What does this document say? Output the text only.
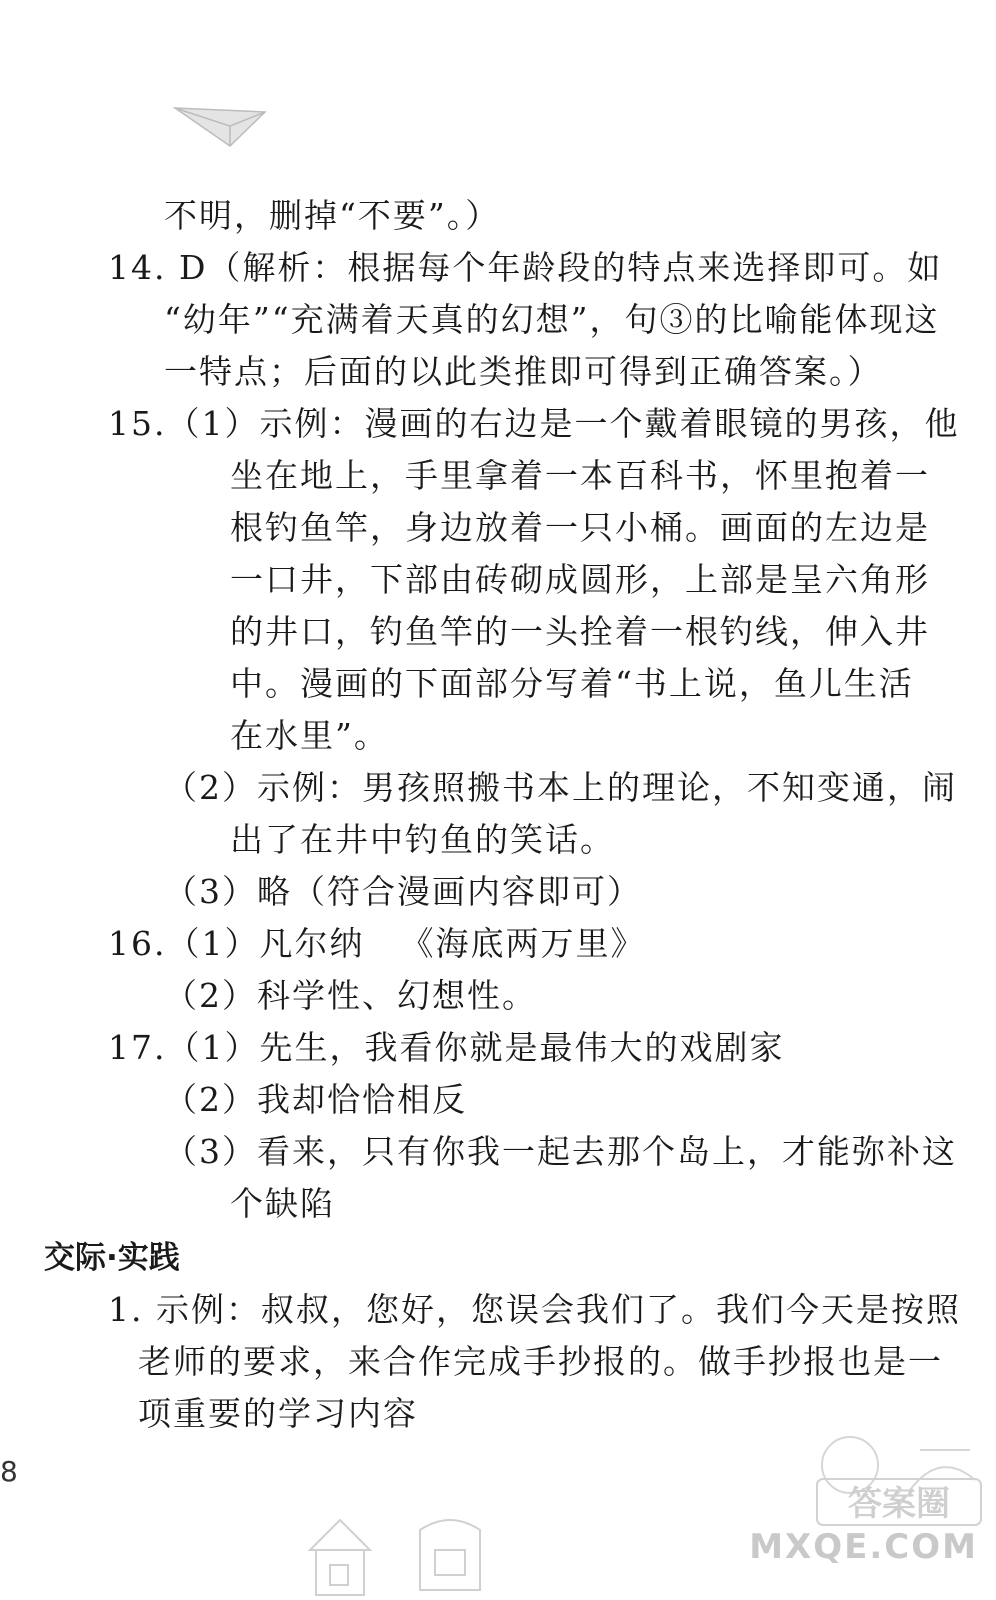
不明，删掉“不要”。）
14. D（解析：根据每个年龄段的特点来选择即可。如
“幼年”“充满着天真的幻想”，句③的比喻能体现这
一特点；后面的以此类推即可得到正确答案。）
15.（1）示例：漫画的右边是一个戴着眼镜的男孩，他
坐在地上，手里拿着一本百科书，怀里抱着一
根钓鱼竿，身边放着一只小桶。画面的左边是
一口井，下部由砖砌成圆形，上部是呈六角形
的井口，钓鱼竿的一头拴着一根钓线，伸入井
中。漫画的下面部分写着“书上说，鱼儿生活
在水里”。
（2）示例：男孩照搬书本上的理论，不知变通，闹
出了在井中钓鱼的笑话。
（3）略（符合漫画内容即可）
16.（1）凡尔纳 《海底两万里》
（2）科学性、幻想性。
17.（1）先生，我看你就是最伟大的戏剧家
（2）我却恰恰相反
（3）看来，只有你我一起去那个岛上，才能弥补这
个缺陷
交际·实践
1. 示例：叔叔，您好，您误会我们了。我们今天是按照
老师的要求，来合作完成手抄报的。做手抄报也是一
项重要的学习内容
8
答案圈
MXQE.COM
